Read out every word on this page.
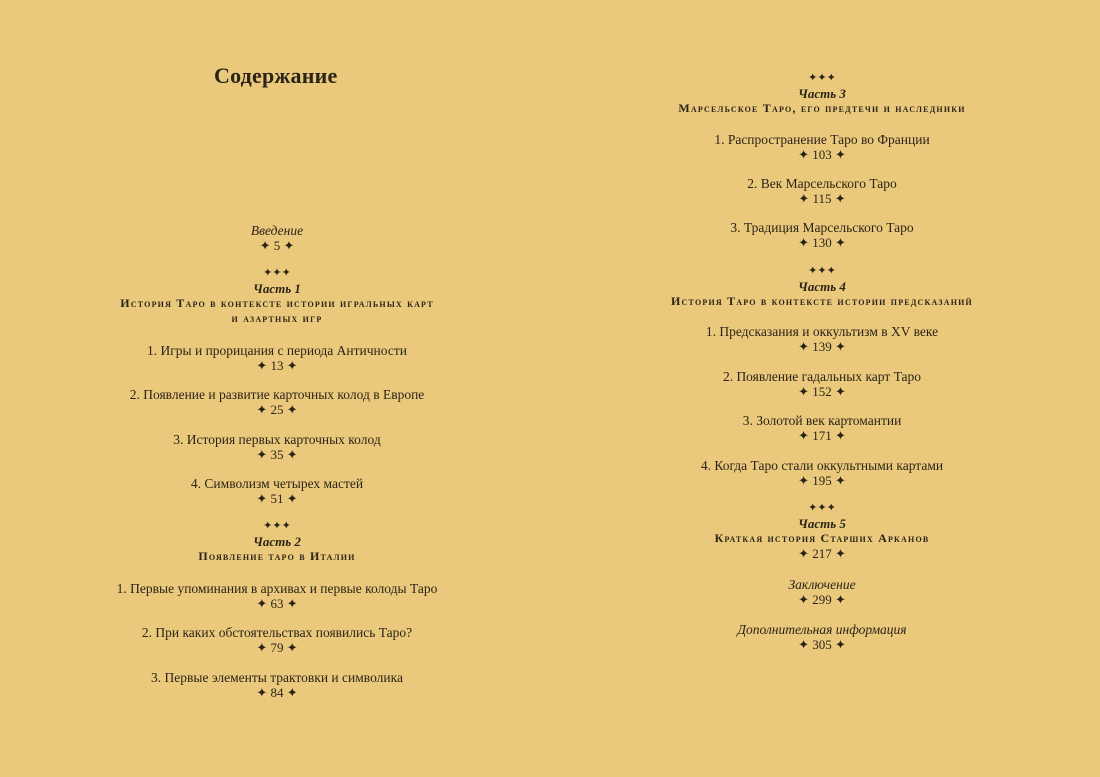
Содержание
Введение
✦ 5 ✦
✦✦✦
Часть 1
История Таро в контексте истории игральных карт
и азартных игр
1. Игры и прорицания с периода Античности
✦ 13 ✦
2. Появление и развитие карточных колод в Европе
✦ 25 ✦
3. История первых карточных колод
✦ 35 ✦
4. Символизм четырех мастей
✦ 51 ✦
✦✦✦
Часть 2
Появление таро в Италии
1. Первые упоминания в архивах и первые колоды Таро
✦ 63 ✦
2. При каких обстоятельствах появились Таро?
✦ 79 ✦
3. Первые элементы трактовки и символика
✦ 84 ✦
✦✦✦
Часть 3
Марсельское Таро, его предтечи и наследники
1. Распространение Таро во Франции
✦ 103 ✦
2. Век Марсельского Таро
✦ 115 ✦
3. Традиция Марсельского Таро
✦ 130 ✦
✦✦✦
Часть 4
История Таро в контексте истории предсказаний
1. Предсказания и оккультизм в XV веке
✦ 139 ✦
2. Появление гадальных карт Таро
✦ 152 ✦
3. Золотой век картомантии
✦ 171 ✦
4. Когда Таро стали оккультными картами
✦ 195 ✦
✦✦✦
Часть 5
Краткая история Старших Арканов
✦ 217 ✦
Заключение
✦ 299 ✦
Дополнительная информация
✦ 305 ✦
